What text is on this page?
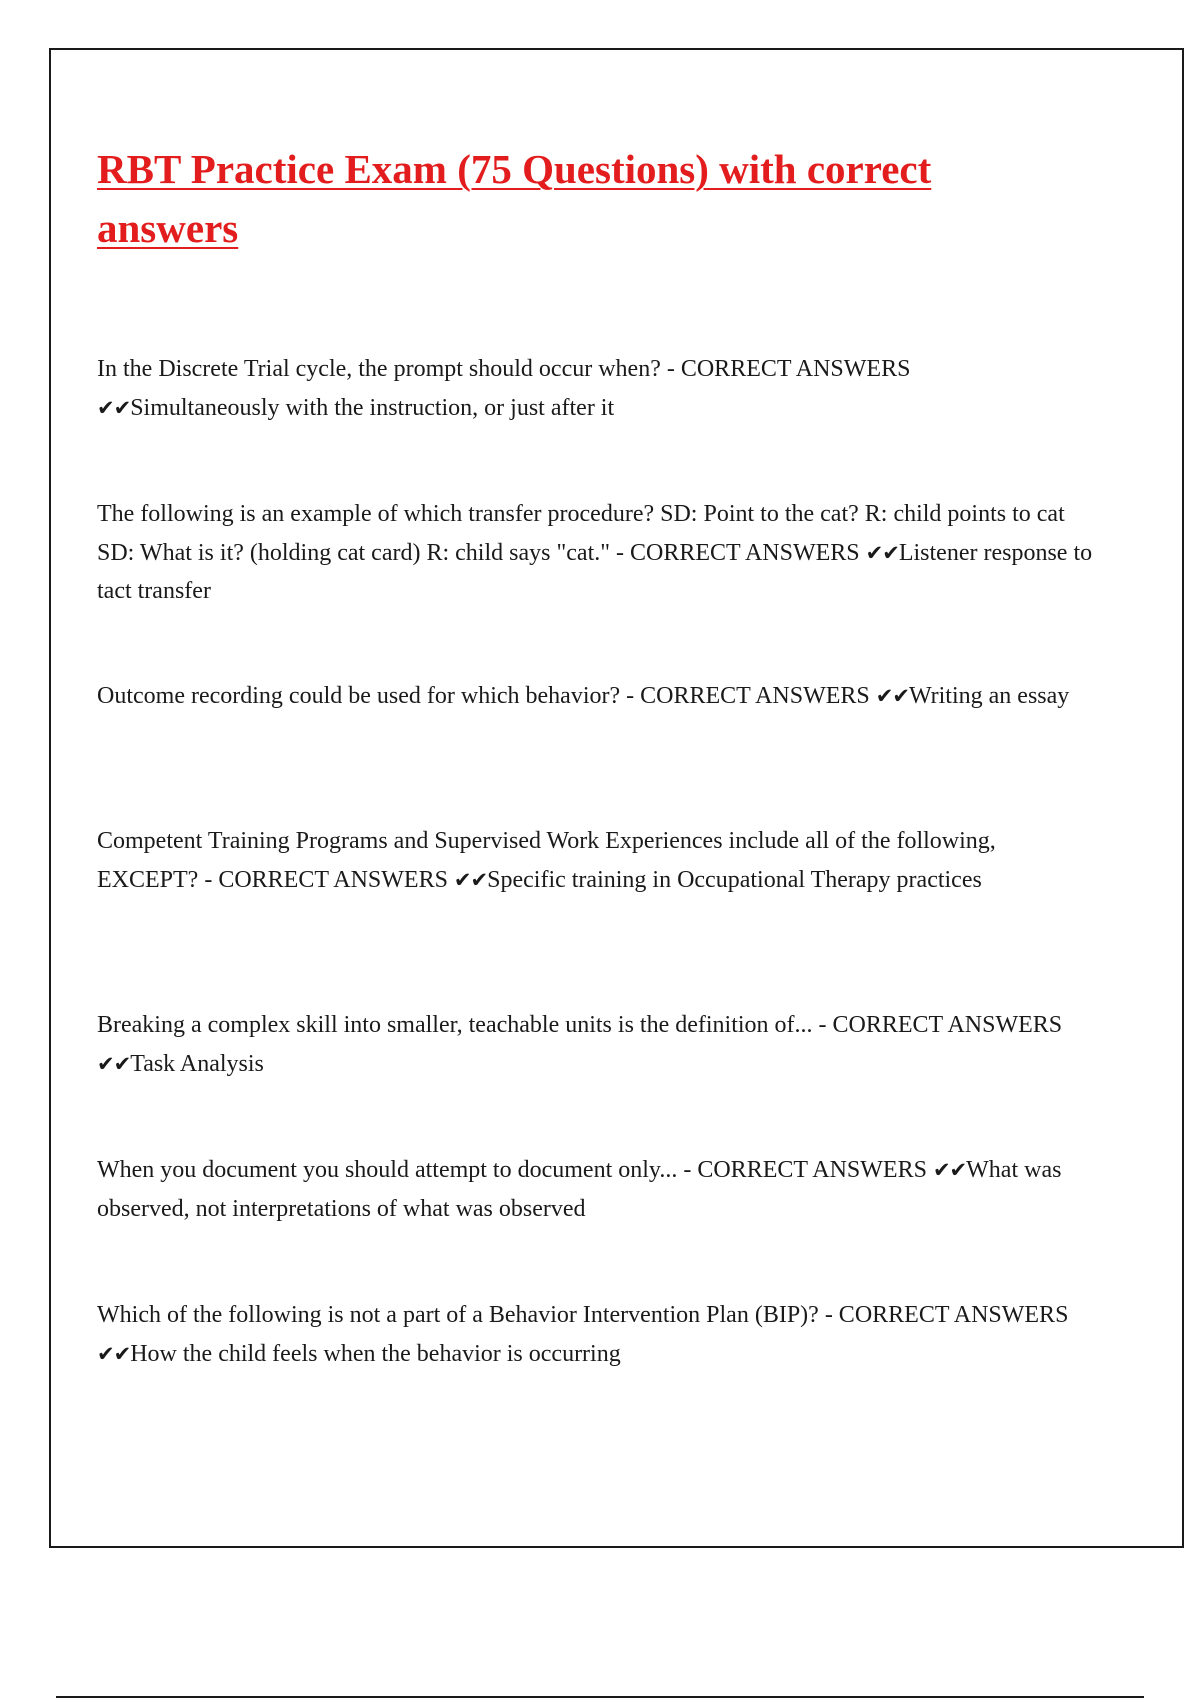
RBT Practice Exam (75 Questions) with correct answers

In the Discrete Trial cycle, the prompt should occur when? - CORRECT ANSWERS ✔✔Simultaneously with the instruction, or just after it

The following is an example of which transfer procedure? SD: Point to the cat? R: child points to cat SD: What is it? (holding cat card) R: child says "cat." - CORRECT ANSWERS ✔✔Listener response to tact transfer

Outcome recording could be used for which behavior? - CORRECT ANSWERS ✔✔Writing an essay

Competent Training Programs and Supervised Work Experiences include all of the following, EXCEPT? - CORRECT ANSWERS ✔✔Specific training in Occupational Therapy practices

Breaking a complex skill into smaller, teachable units is the definition of... - CORRECT ANSWERS ✔✔Task Analysis

When you document you should attempt to document only... - CORRECT ANSWERS ✔✔What was observed, not interpretations of what was observed

Which of the following is not a part of a Behavior Intervention Plan (BIP)? - CORRECT ANSWERS ✔✔How the child feels when the behavior is occurring
